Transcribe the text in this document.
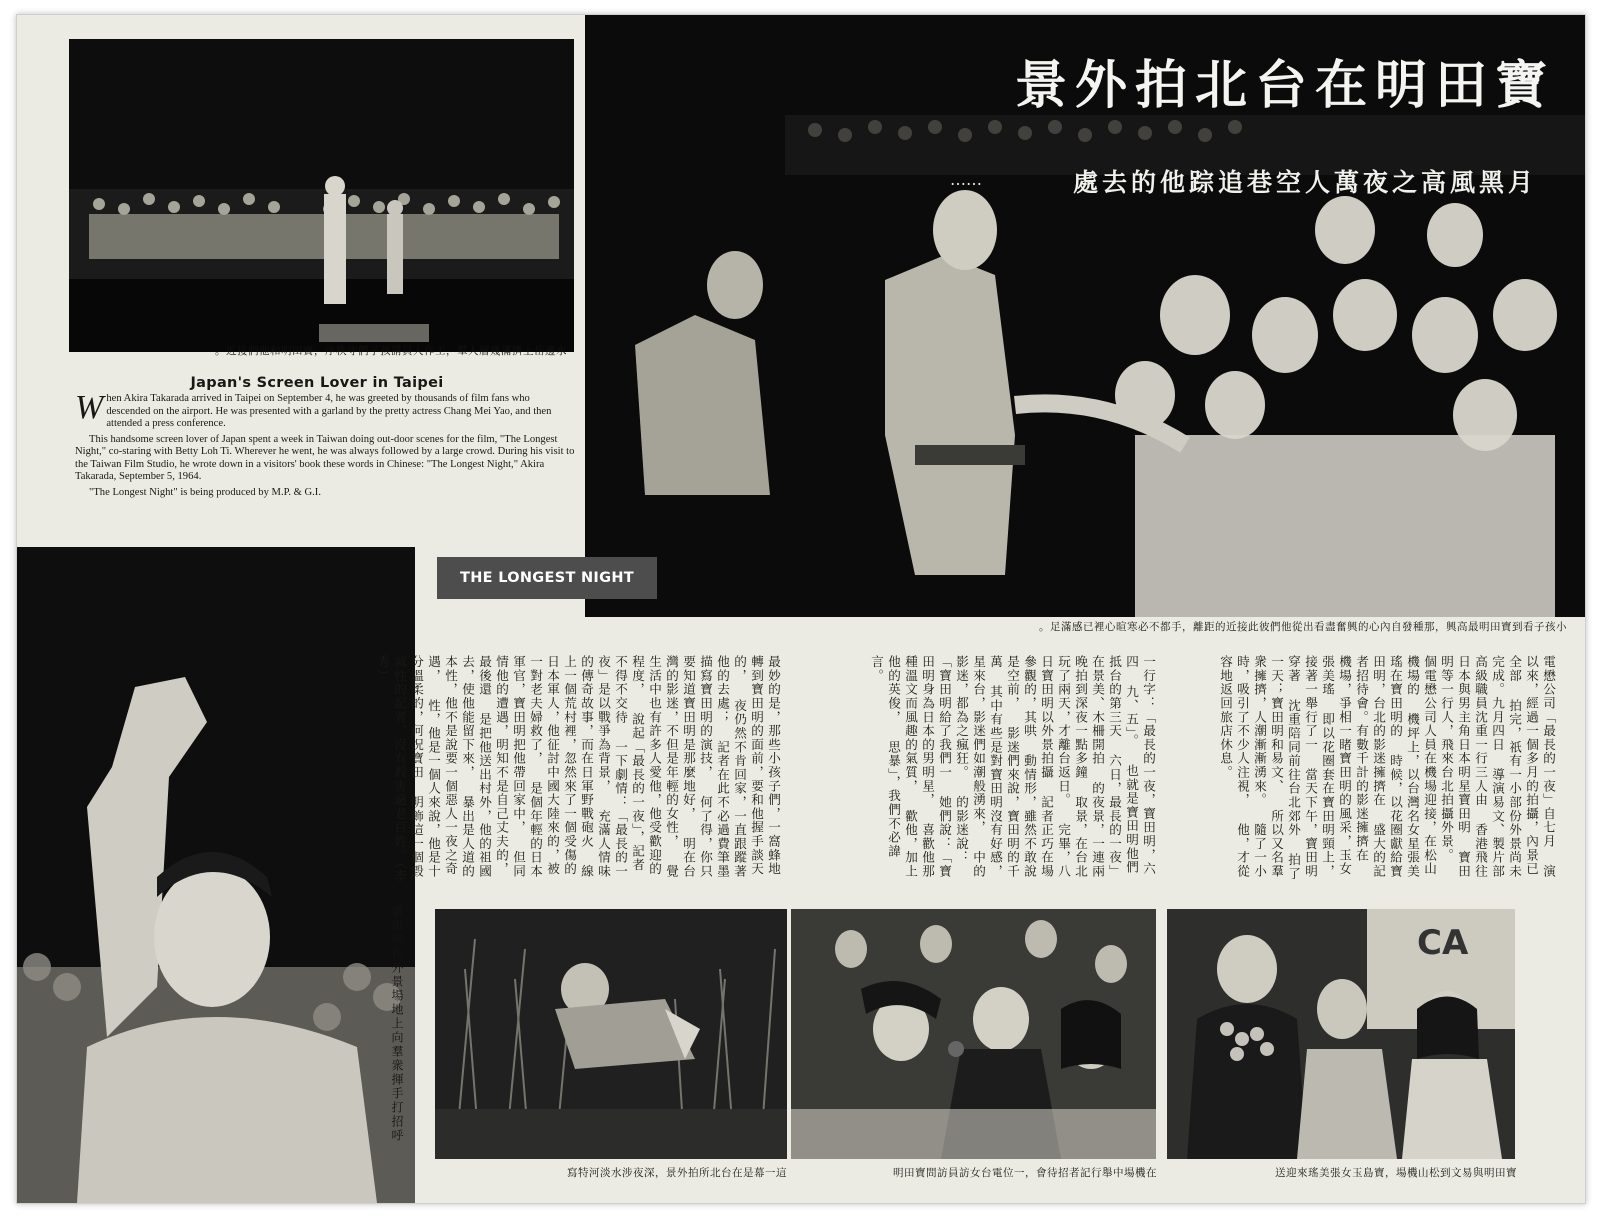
水邊岳上擠滿幾層人羣，工作人員請孩子們守秩序，寶田明和他們接近。
Japan's Screen Lover in Taipei

When Akira Takarada arrived in Taipei on September 4, he was greeted by thousands of film fans who descended on the airport. He was presented with a garland by the pretty actress Chang Mei Yao, and then attended a press conference.

This handsome screen lover of Japan spent a week in Taiwan doing out-door scenes for the film, "The Longest Night," co-staring with Betty Loh Ti. Wherever he went, he was always followed by a large crowd. During his visit to the Taiwan Film Studio, he wrote down in a visitors' book these words in Chinese: "The Longest Night," Akira Takarada, September 5, 1964.

"The Longest Night" is being produced by M.P. & G.I.

寶田明在台北拍外景
月黑風高之夜萬人空巷追踪他的去處
……
小孩子看到寶田明最高興，那種發自內心的興奮盡看出從他們彼此接近的距離，手都不必寒暄心裡已感滿足。
寶田明在外景場地上向羣衆揮手打招呼
THE LONGEST NIGHT
最妙的是，那些小孩子們，一窩蜂地 轉到寶田明的面前，要和他握手談天的， 夜仍然不肯回家，一直跟蹤著他的去處； 記者在此不必過費筆墨描寫寶田明的演技， 何了得，你只要知道寶田明是那麼地好， 明在台灣的影迷，不但是年輕的女性， 覺生活中也有許多人愛他，他受歡迎的程度， 說起「最長的一夜」，記者不得不交待 一下劇情：「最長的一夜」是以戰爭為背景， 充滿人情味的傳奇故事，而在日軍野戰砲火 線上一個荒村裡，忽然來了一個受傷的 日本軍人，他征討中國大陸來的，被一對老夫婦救了， 是個年輕的日本軍官，寶田明把他帶回家中， 但同情他的遭遇，明知不是自己丈夫的，最後還 是把他送出村外，他的祖國去，使他能留下來， 暴出是人道的本性，他不是說要一個惡人一夜之奇遇， 性，他是一個人來說，他是十分溫柔的，何況寶田 明飾這一個毀滅性的記者，沒有殺害過老百姓。（李秀）	一行字：「最長的一夜，寶田明，六四 九、五」。 也就是寶田明他們抵台的第三天 六日，最長的一夜」在景美、木柵開拍 的夜景，一連兩晚拍到深夜一點多鐘 取景，在台北玩了兩天，才離台返日。 完畢，八日寶田明以外景拍攝 記者正巧在場參觀的，其哄 動情形，雖然不敢說是空前， 影迷們來說，寶田明的千萬 其中有些是對寶田明沒有好感， 星來台，影迷們如潮般湧來， 中的影迷，都為之瘋狂。 的影迷說：「寶田明給了我們一 她們說：「寶田明身為日本的男明星， 喜歡他那種溫文而風趣的氣質， 歡他，加上他的英俊， 思暴」，我們不必諱言。	電懋公司「最長的一夜」自七月 演以來，經過一個多月的拍攝，內景已全部 拍完，祇有一小部份外景尚未完成。九月四日 導演易文、製片部高級職員沈重一行三人由 香港飛往日本與男主角日本明星寶田明 寶田明等一行人，飛來台北拍攝外景。 個電懋公司人員在機場迎接，在松山機場的 機坪上，以台灣名女星張美瑤在寶田明的 時候，以花圈獻給寶田明，台北的影迷擁擠在 盛大的記者招待會。有數千計的影迷擁擠在 機場，爭相一睹寶田明的風采，玉女張美瑤 即以花圈套在寶田明頸上，接著一舉行了一 當天下午，寶田明穿著 沈重陪同前往台北郊外 拍了一天；寶田明和易文、 所以又名羣衆擁擠，人潮漸漸湧來。 隨了一小時，吸引了不少人注視， 他，才從容地返回旅店休息。
這一幕是在台北所拍外景，深夜涉水淡河特寫	在機場中舉行記者招待會，一位電台女訪員訪問寶田明
CA
寶田明與易文到松山機場，寶島玉女張美瑤來迎送
